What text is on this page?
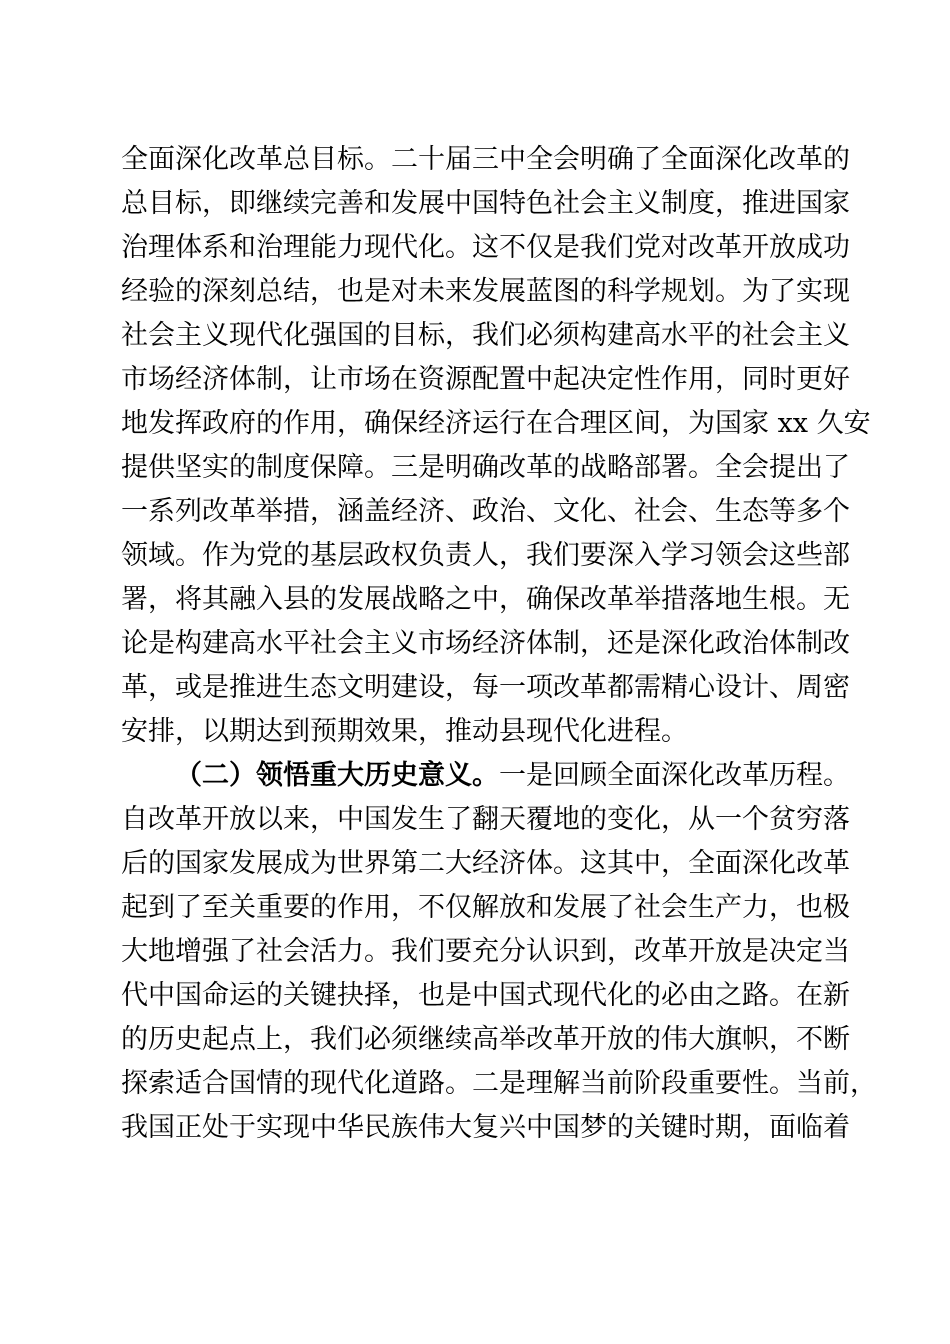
全面深化改革总目标。二十届三中全会明确了全面深化改革的
总目标，即继续完善和发展中国特色社会主义制度，推进国家
治理体系和治理能力现代化。这不仅是我们党对改革开放成功
经验的深刻总结，也是对未来发展蓝图的科学规划。为了实现
社会主义现代化强国的目标，我们必须构建高水平的社会主义
市场经济体制，让市场在资源配置中起决定性作用，同时更好
地发挥政府的作用，确保经济运行在合理区间，为国家 xx 久安
提供坚实的制度保障。三是明确改革的战略部署。全会提出了
一系列改革举措，涵盖经济、政治、文化、社会、生态等多个
领域。作为党的基层政权负责人，我们要深入学习领会这些部
署，将其融入县的发展战略之中，确保改革举措落地生根。无
论是构建高水平社会主义市场经济体制，还是深化政治体制改
革，或是推进生态文明建设，每一项改革都需精心设计、周密
安排，以期达到预期效果，推动县现代化进程。
（二）领悟重大历史意义。一是回顾全面深化改革历程。
自改革开放以来，中国发生了翻天覆地的变化，从一个贫穷落
后的国家发展成为世界第二大经济体。这其中，全面深化改革
起到了至关重要的作用，不仅解放和发展了社会生产力，也极
大地增强了社会活力。我们要充分认识到，改革开放是决定当
代中国命运的关键抉择，也是中国式现代化的必由之路。在新
的历史起点上，我们必须继续高举改革开放的伟大旗帜，不断
探索适合国情的现代化道路。二是理解当前阶段重要性。当前，
我国正处于实现中华民族伟大复兴中国梦的关键时期，面临着
